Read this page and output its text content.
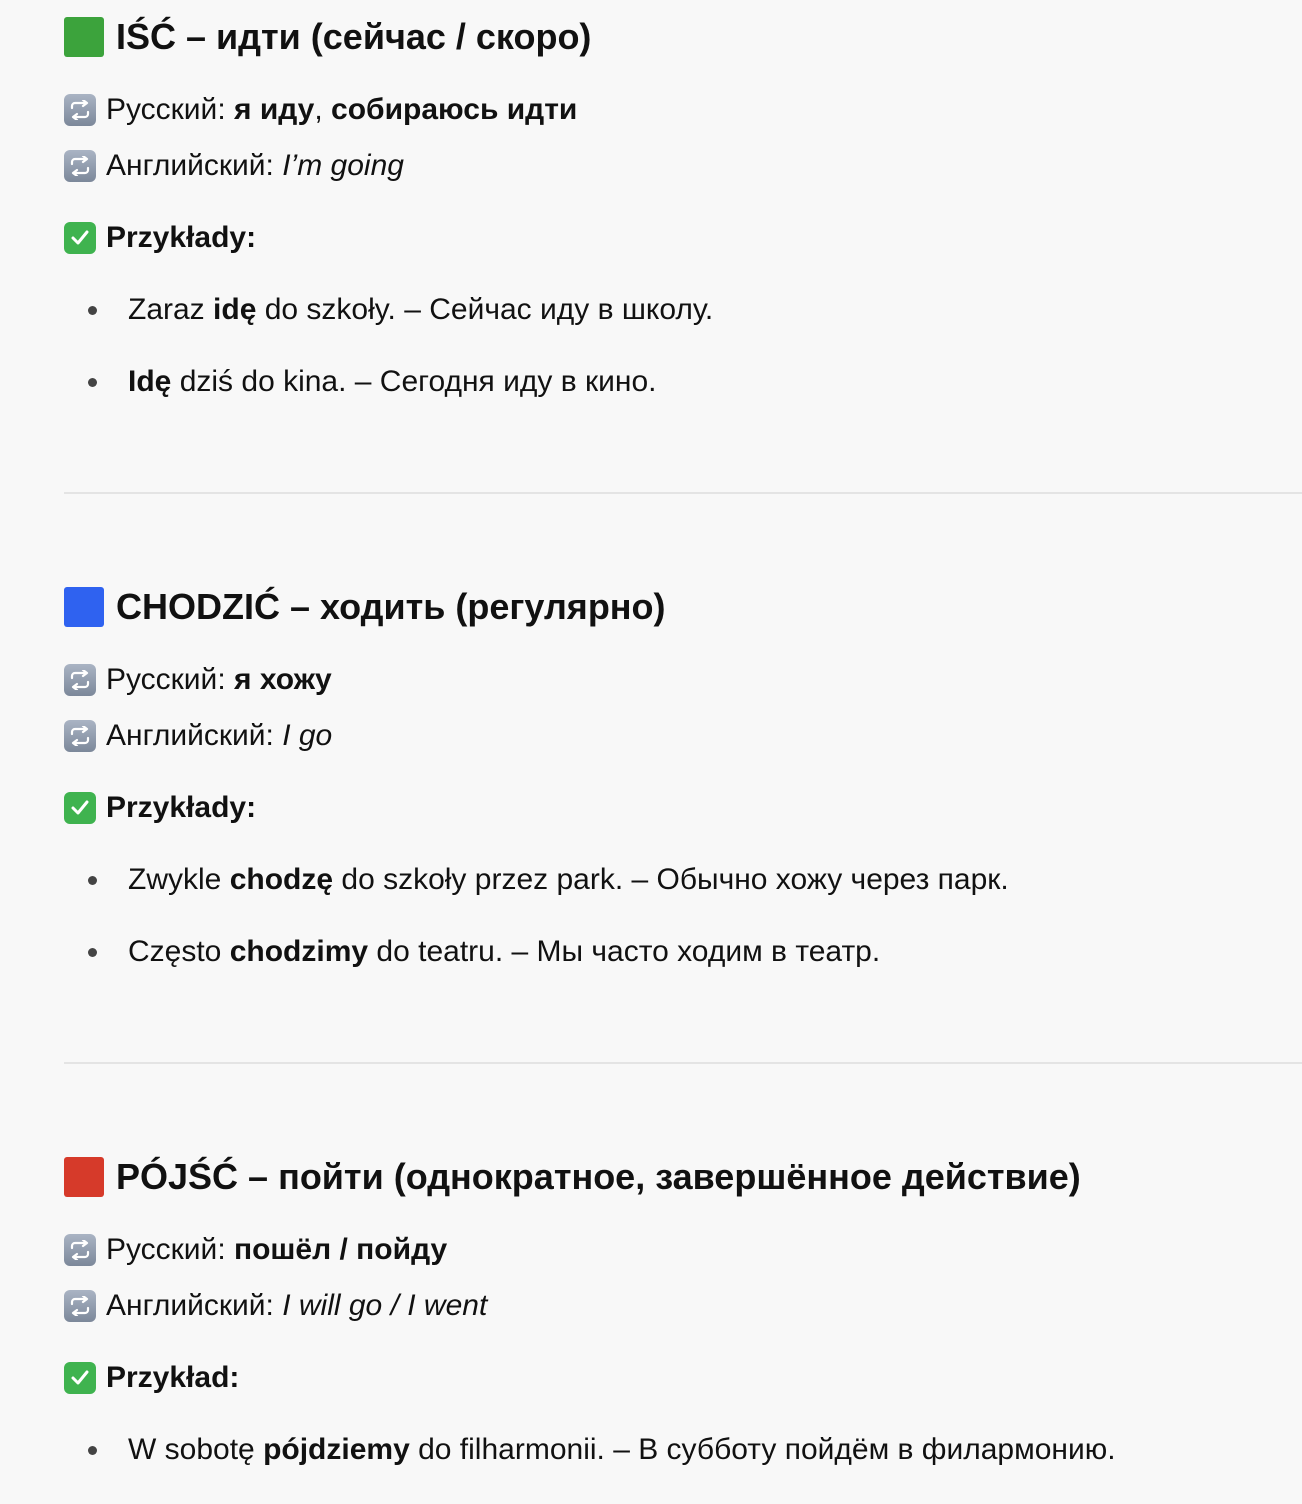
IŚĆ – идти (сейчас / скоро)
Русский: я иду , собираюсь идти
Английский: I’m going
Przykłady:
Zaraz idę do szkoły. – Сейчас иду в школу.
Idę dziś do kina. – Сегодня иду в кино.
CHODZIĆ – ходить (регулярно)
Русский: я хожу
Английский: I go
Przykłady:
Zwykle chodzę do szkoły przez park. – Обычно хожу через парк.
Często chodzimy do teatru. – Мы часто ходим в театр.
PÓJŚĆ – пойти (однократное, завершённое действие)
Русский: пошёл / пойду
Английский: I will go / I went
Przykład:
W sobotę pójdziemy do filharmonii. – В субботу пойдём в филармонию.
